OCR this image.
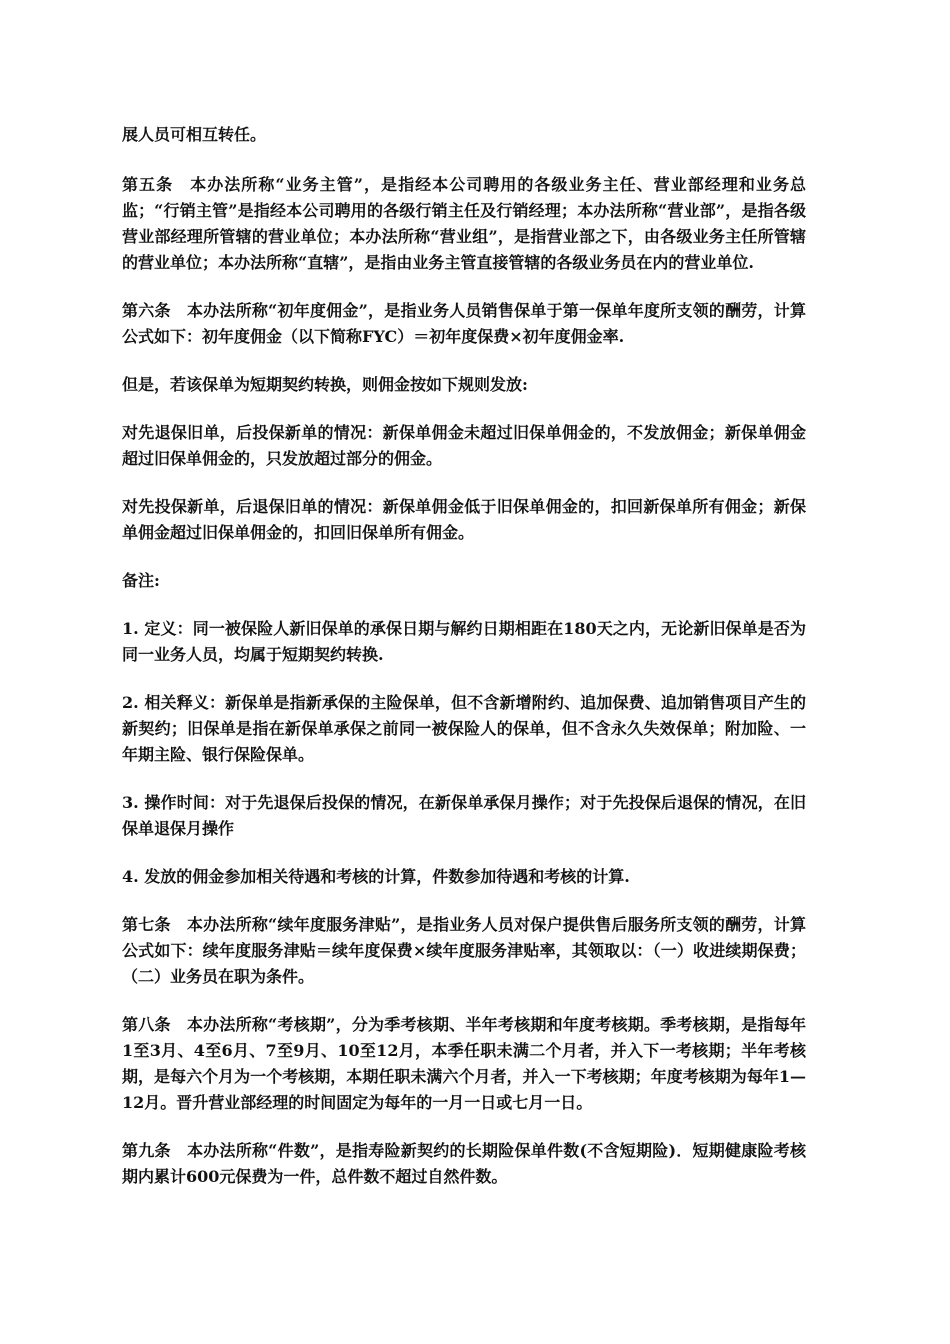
展人员可相互转任。

第五条　本办法所称“业务主管”，是指经本公司聘用的各级业务主任、营业部经理和业务总监；“行销主管”是指经本公司聘用的各级行销主任及行销经理；本办法所称“营业部”，是指各级营业部经理所管辖的营业单位；本办法所称“营业组”，是指营业部之下，由各级业务主任所管辖的营业单位；本办法所称“直辖”，是指由业务主管直接管辖的各级业务员在内的营业单位.

第六条　本办法所称“初年度佣金”，是指业务人员销售保单于第一保单年度所支领的酬劳，计算公式如下：初年度佣金（以下简称FYC）＝初年度保费×初年度佣金率.

但是，若该保单为短期契约转换，则佣金按如下规则发放:

对先退保旧单，后投保新单的情况：新保单佣金未超过旧保单佣金的，不发放佣金；新保单佣金超过旧保单佣金的，只发放超过部分的佣金。

对先投保新单，后退保旧单的情况：新保单佣金低于旧保单佣金的，扣回新保单所有佣金；新保单佣金超过旧保单佣金的，扣回旧保单所有佣金。

备注:

1. 定义：同一被保险人新旧保单的承保日期与解约日期相距在180天之内，无论新旧保单是否为同一业务人员，均属于短期契约转换.

2. 相关释义：新保单是指新承保的主险保单，但不含新增附约、追加保费、追加销售项目产生的新契约；旧保单是指在新保单承保之前同一被保险人的保单，但不含永久失效保单；附加险、一年期主险、银行保险保单。

3. 操作时间：对于先退保后投保的情况，在新保单承保月操作；对于先投保后退保的情况，在旧保单退保月操作

4. 发放的佣金参加相关待遇和考核的计算，件数参加待遇和考核的计算.

第七条　本办法所称“续年度服务津贴”，是指业务人员对保户提供售后服务所支领的酬劳，计算公式如下：续年度服务津贴＝续年度保费×续年度服务津贴率，其领取以：（一）收进续期保费；（二）业务员在职为条件。

第八条　本办法所称“考核期”，分为季考核期、半年考核期和年度考核期。季考核期，是指每年1至3月、4至6月、7至9月、10至12月，本季任职未满二个月者，并入下一考核期；半年考核期，是每六个月为一个考核期，本期任职未满六个月者，并入一下考核期；年度考核期为每年1—12月。晋升营业部经理的时间固定为每年的一月一日或七月一日。

第九条　本办法所称“件数”，是指寿险新契约的长期险保单件数(不含短期险)．短期健康险考核期内累计600元保费为一件，总件数不超过自然件数。
